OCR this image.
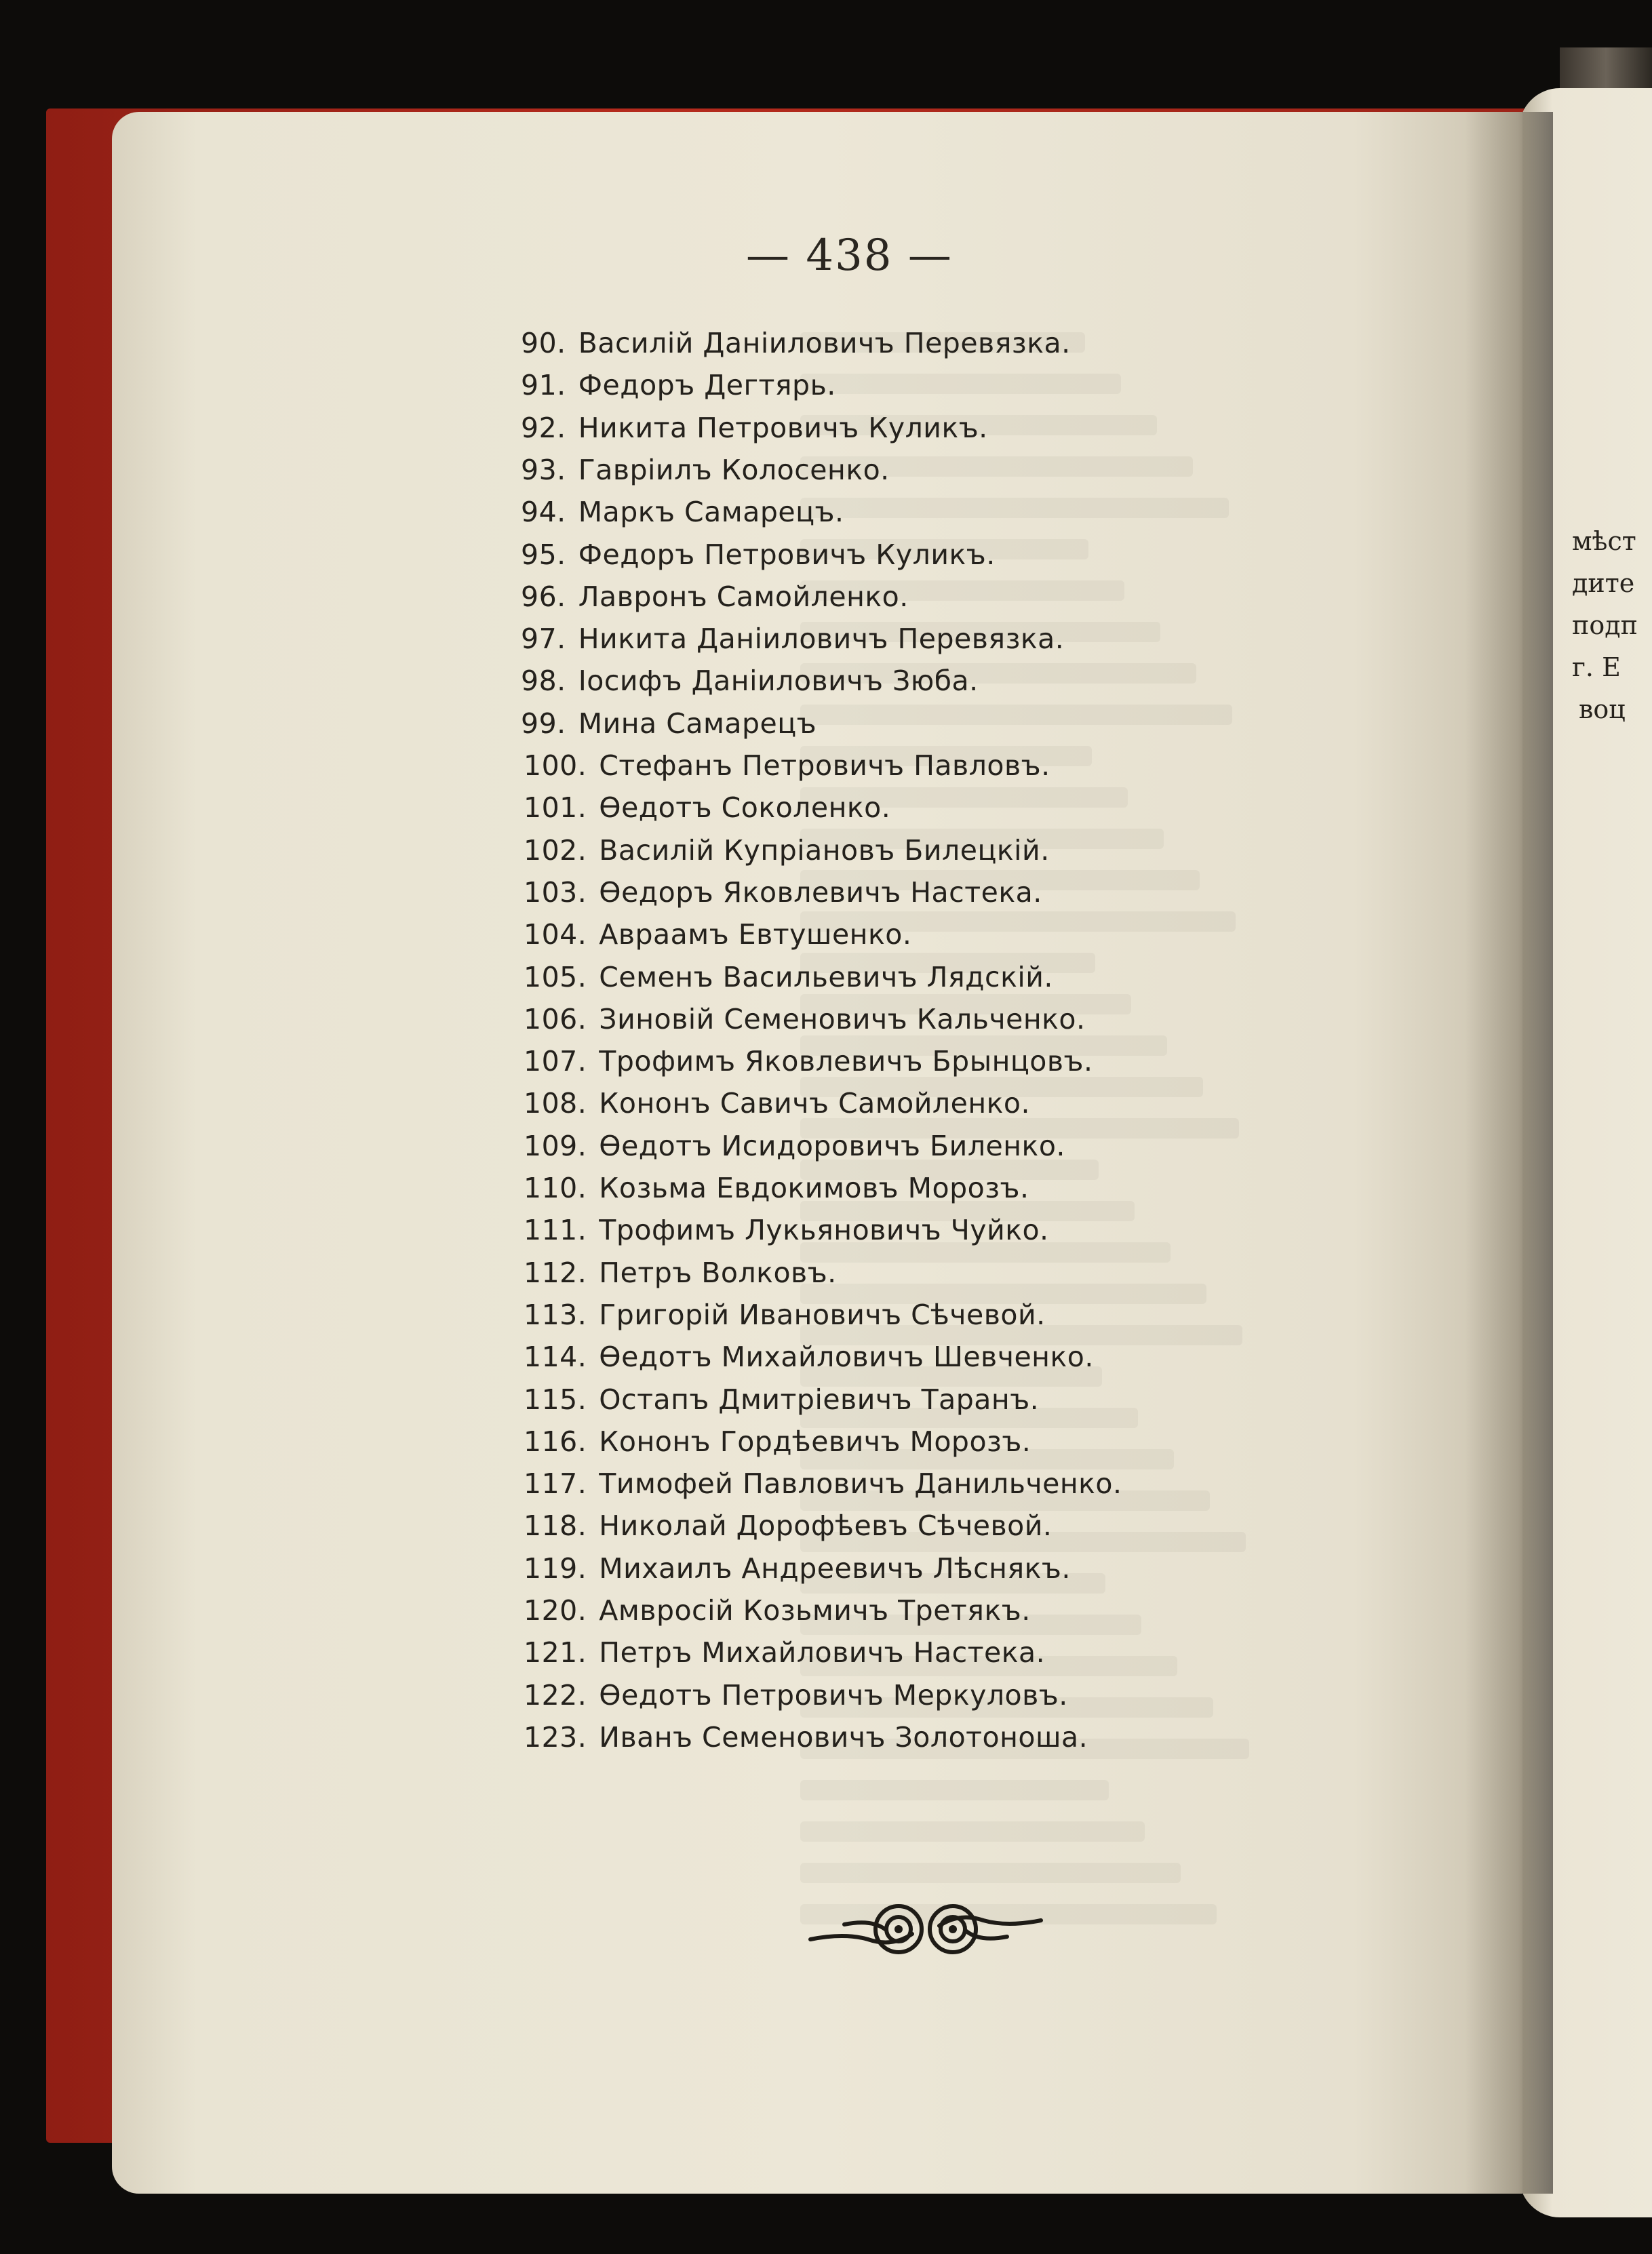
— 438 —
90. Василій Даніиловичъ Перевязка.
91. Федоръ Дегтярь.
92. Никита Петровичъ Куликъ.
93. Гавріилъ Колосенко.
94. Маркъ Самарецъ.
95. Федоръ Петровичъ Куликъ.
96. Лавронъ Самойленко.
97. Никита Даніиловичъ Перевязка.
98. Іосифъ Даніиловичъ Зюба.
99. Мина Самарецъ
100. Стефанъ Петровичъ Павловъ.
101. Өедотъ Соколенко.
102. Василій Купріановъ Билецкій.
103. Өедоръ Яковлевичъ Настека.
104. Авраамъ Евтушенко.
105. Семенъ Васильевичъ Лядскій.
106. Зиновій Семеновичъ Кальченко.
107. Трофимъ Яковлевичъ Брынцовъ.
108. Кононъ Савичъ Самойленко.
109. Өедотъ Исидоровичъ Биленко.
110. Козьма Евдокимовъ Морозъ.
111. Трофимъ Лукьяновичъ Чуйко.
112. Петръ Волковъ.
113. Григорій Ивановичъ Сѣчевой.
114. Өедотъ Михайловичъ Шевченко.
115. Остапъ Дмитріевичъ Таранъ.
116. Кононъ Гордѣевичъ Морозъ.
117. Тимофей Павловичъ Данильченко.
118. Николай Дорофѣевъ Сѣчевой.
119. Михаилъ Андреевичъ Лѣснякъ.
120. Амвросій Козьмичъ Третякъ.
121. Петръ Михайловичъ Настека.
122. Өедотъ Петровичъ Меркуловъ.
123. Иванъ Семеновичъ Золотоноша.
мѣст
дите
подп
г. Е
воц
